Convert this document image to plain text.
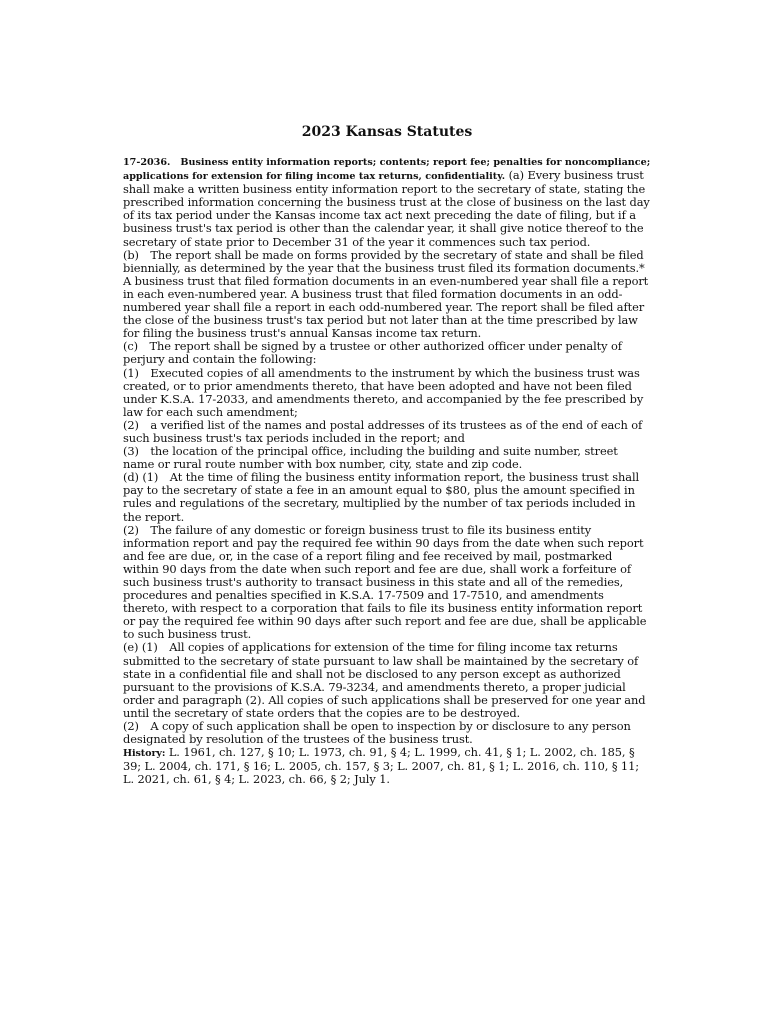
2023 Kansas Statutes

17-2036. Business entity information reports; contents; report fee; penalties for noncompliance; applications for extension for filing income tax returns, confidentiality. (a) Every business trust shall make a written business entity information report to the secretary of state, stating the prescribed information concerning the business trust at the close of business on the last day of its tax period under the Kansas income tax act next preceding the date of filing, but if a business trust's tax period is other than the calendar year, it shall give notice thereof to the secretary of state prior to December 31 of the year it commences such tax period.

(b) The report shall be made on forms provided by the secretary of state and shall be filed biennially, as determined by the year that the business trust filed its formation documents.* A business trust that filed formation documents in an even-numbered year shall file a report in each even-numbered year. A business trust that filed formation documents in an odd-numbered year shall file a report in each odd-numbered year. The report shall be filed after the close of the business trust's tax period but not later than at the time prescribed by law for filing the business trust's annual Kansas income tax return.

(c) The report shall be signed by a trustee or other authorized officer under penalty of perjury and contain the following:

(1) Executed copies of all amendments to the instrument by which the business trust was created, or to prior amendments thereto, that have been adopted and have not been filed under K.S.A. 17-2033, and amendments thereto, and accompanied by the fee prescribed by law for each such amendment;

(2) a verified list of the names and postal addresses of its trustees as of the end of each of such business trust's tax periods included in the report; and

(3) the location of the principal office, including the building and suite number, street name or rural route number with box number, city, state and zip code.

(d) (1) At the time of filing the business entity information report, the business trust shall pay to the secretary of state a fee in an amount equal to $80, plus the amount specified in rules and regulations of the secretary, multiplied by the number of tax periods included in the report.

(2) The failure of any domestic or foreign business trust to file its business entity information report and pay the required fee within 90 days from the date when such report and fee are due, or, in the case of a report filing and fee received by mail, postmarked within 90 days from the date when such report and fee are due, shall work a forfeiture of such business trust's authority to transact business in this state and all of the remedies, procedures and penalties specified in K.S.A. 17-7509 and 17-7510, and amendments thereto, with respect to a corporation that fails to file its business entity information report or pay the required fee within 90 days after such report and fee are due, shall be applicable to such business trust.

(e) (1) All copies of applications for extension of the time for filing income tax returns submitted to the secretary of state pursuant to law shall be maintained by the secretary of state in a confidential file and shall not be disclosed to any person except as authorized pursuant to the provisions of K.S.A. 79-3234, and amendments thereto, a proper judicial order and paragraph (2). All copies of such applications shall be preserved for one year and until the secretary of state orders that the copies are to be destroyed.

(2) A copy of such application shall be open to inspection by or disclosure to any person designated by resolution of the trustees of the business trust.

History: L. 1961, ch. 127, § 10; L. 1973, ch. 91, § 4; L. 1999, ch. 41, § 1; L. 2002, ch. 185, § 39; L. 2004, ch. 171, § 16; L. 2005, ch. 157, § 3; L. 2007, ch. 81, § 1; L. 2016, ch. 110, § 11; L. 2021, ch. 61, § 4; L. 2023, ch. 66, § 2; July 1.
